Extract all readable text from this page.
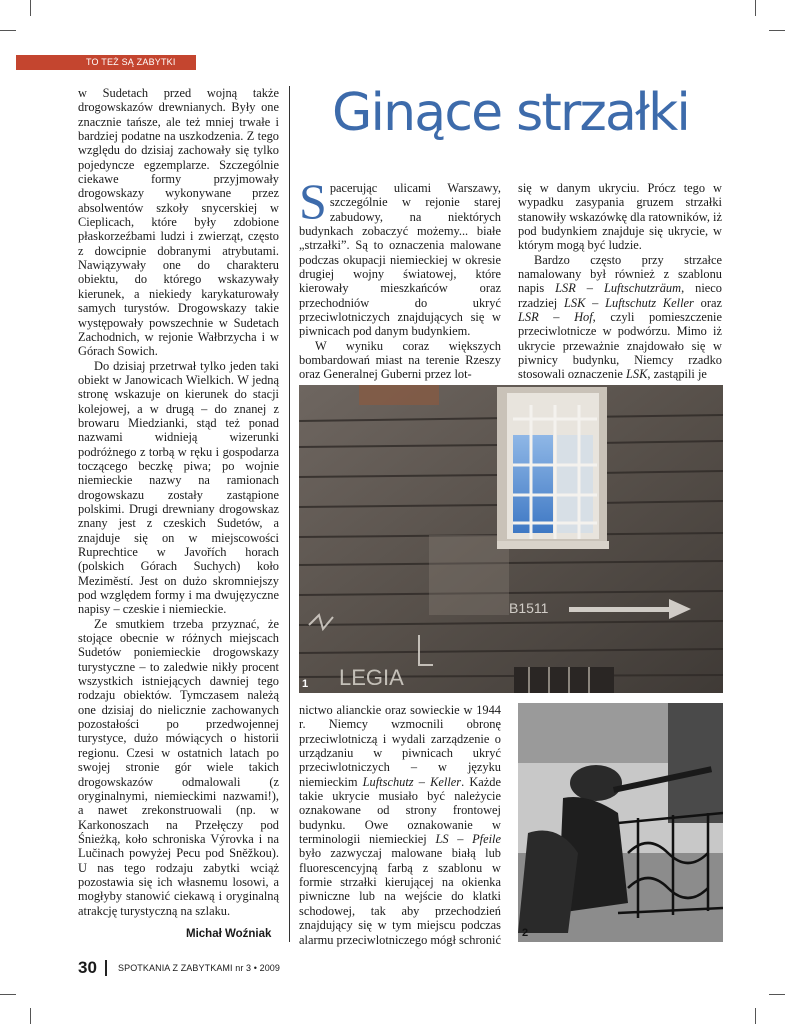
TO TEŻ SĄ ZABYTKI

w Sudetach przed wojną także drogowskazów drewnianych. Były one znacznie tańsze, ale też mniej trwałe i bardziej podatne na uszkodzenia. Z tego względu do dzisiaj zachowały się tylko pojedyncze egzemplarze. Szczególnie ciekawe formy przyjmowały drogowskazy wykonywane przez absolwentów szkoły snycerskiej w Cieplicach, które były zdobione płaskorzeźbami ludzi i zwierząt, często z dowcipnie dobranymi atrybutami. Nawiązywały one do charakteru obiektu, do którego wskazywały kierunek, a niekiedy karykaturowały samych turystów. Drogowskazy takie występowały powszechnie w Sudetach Zachodnich, w rejonie Wałbrzycha i w Górach Sowich.

Do dzisiaj przetrwał tylko jeden taki obiekt w Janowicach Wielkich. W jedną stronę wskazuje on kierunek do stacji kolejowej, a w drugą – do znanej z browaru Miedzianki, stąd też ponad nazwami widnieją wizerunki podróżnego z torbą w ręku i gospodarza toczącego beczkę piwa; po wojnie niemieckie nazwy na ramionach drogowskazu zostały zastąpione polskimi. Drugi drewniany drogowskaz znany jest z czeskich Sudetów, a znajduje się on w miejscowości Ruprechtice w Javořích horach (polskich Górach Suchych) koło Meziměstí. Jest on dużo skromniejszy pod względem formy i ma dwujęzyczne napisy – czeskie i niemieckie.

Ze smutkiem trzeba przyznać, że stojące obecnie w różnych miejscach Sudetów poniemieckie drogowskazy turystyczne – to zaledwie nikły procent wszystkich istniejących dawniej tego rodzaju obiektów. Tymczasem należą one dzisiaj do nielicznie zachowanych pozostałości po przedwojennej turystyce, dużo mówiących o historii regionu. Czesi w ostatnich latach po swojej stronie gór wiele takich drogowskazów odmalowali (z oryginalnymi, niemieckimi nazwami!), a nawet zrekonstruowali (np. w Karkonoszach na Przełęczy pod Śnieżką, koło schroniska Výrovka i na Lučinach powyżej Pecu pod Sněžkou). U nas tego rodzaju zabytki wciąż pozostawia się ich własnemu losowi, a mogłyby stanowić ciekawą i oryginalną atrakcję turystyczną na szlaku.

Michał Woźniak
Ginące strzałki
Spacerując ulicami Warszawy, szczególnie w rejonie starej zabudowy, na niektórych budynkach zobaczyć możemy... białe „strzałki”. Są to oznaczenia malowane podczas okupacji niemieckiej w okresie drugiej wojny światowej, które kierowały mieszkańców oraz przechodniów do ukryć przeciwlotniczych znajdujących się w piwnicach pod danym budynkiem.

W wyniku coraz większych bombardowań miast na terenie Rzeszy oraz Generalnej Guberni przez lot-

się w danym ukryciu. Prócz tego w wypadku zasypania gruzem strzałki stanowiły wskazówkę dla ratowników, iż pod budynkiem znajduje się ukrycie, w którym mogą być ludzie.

Bardzo często przy strzałce namalowany był również z szablonu napis LSR – Luftschutzräum, nieco rzadziej LSK – Luftschutz Keller oraz LSR – Hof, czyli pomieszczenie przeciwlotnicze w podwórzu. Mimo iż ukrycie przeważnie znajdowało się w piwnicy budynku, Niemcy rzadko stosowali oznaczenie LSK, zastąpili je

B1511
LEGIA
1

nictwo alianckie oraz sowieckie w 1944 r. Niemcy wzmocnili obronę przeciwlotniczą i wydali zarządzenie o urządzaniu w piwnicach ukryć przeciwlotniczych – w języku niemieckim Luftschutz – Keller. Każde takie ukrycie musiało być należycie oznakowane od strony frontowej budynku. Owe oznakowanie w terminologii niemieckiej LS – Pfeile było zazwyczaj malowane białą lub fluorescencyjną farbą z szablonu w formie strzałki kierującej na okienka piwniczne lub na wejście do klatki schodowej, tak aby przechodzień znajdujący się w tym miejscu podczas alarmu przeciwlotniczego mógł schronić 2
30 SPOTKANIA Z ZABYTKAMI nr 3 • 2009
